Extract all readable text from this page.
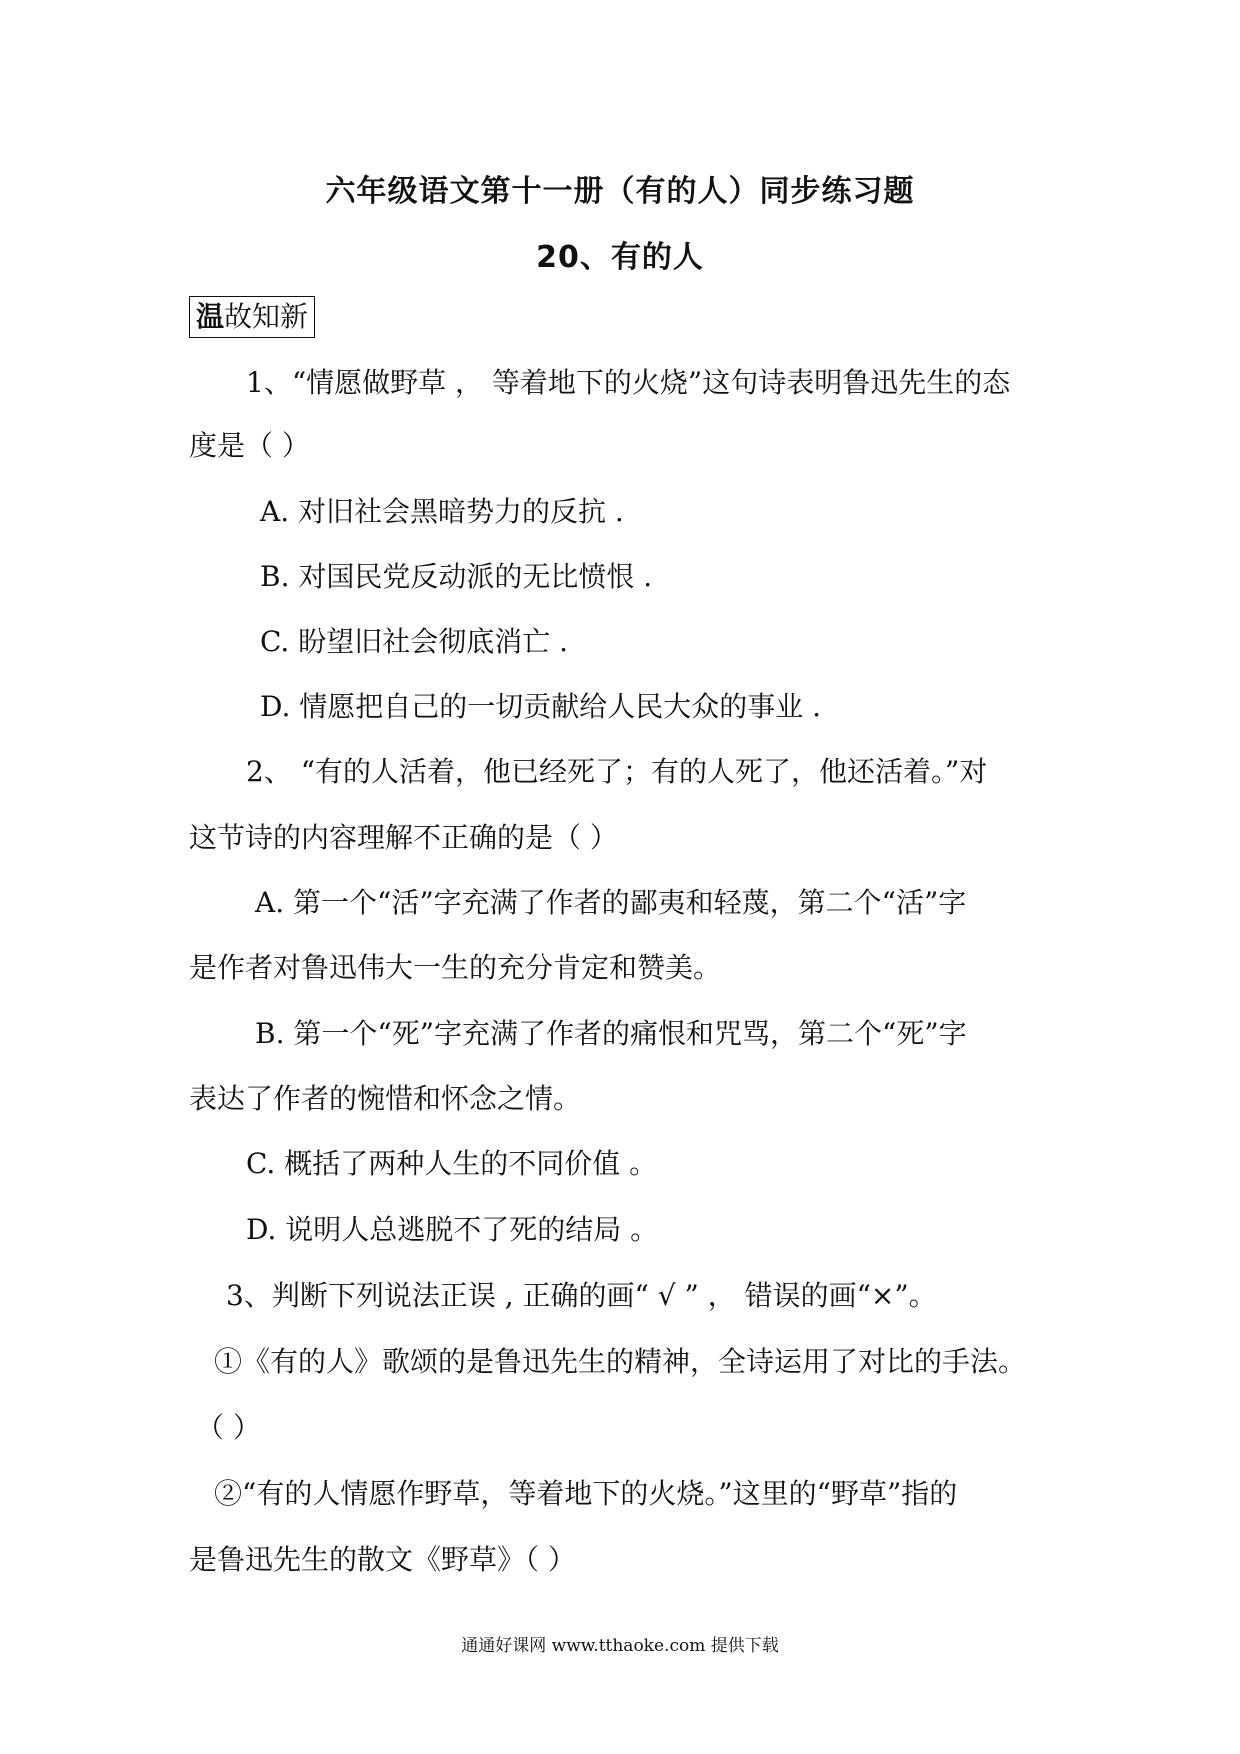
六年级语文第十一册（有的人）同步练习题
20、有的人
温故知新
1、“情愿做野草 ， 等着地下的火烧”这句诗表明鲁迅先生的态
度是（ ）
A. 对旧社会黑暗势力的反抗 .
B. 对国民党反动派的无比愤恨 .
C. 盼望旧社会彻底消亡 .
D. 情愿把自己的一切贡献给人民大众的事业 .
2、 “有的人活着，他已经死了；有的人死了，他还活着。”对
这节诗的内容理解不正确的是（ ）
A. 第一个“活”字充满了作者的鄙夷和轻蔑，第二个“活”字
是作者对鲁迅伟大一生的充分肯定和赞美。
B. 第一个“死”字充满了作者的痛恨和咒骂，第二个“死”字
表达了作者的惋惜和怀念之情。
C. 概括了两种人生的不同价值 。
D. 说明人总逃脱不了死的结局 。
3、判断下列说法正误 , 正确的画“ √ ” ， 错误的画“×”。
①《有的人》歌颂的是鲁迅先生的精神，全诗运用了对比的手法。
（ ）
②“有的人情愿作野草，等着地下的火烧。”这里的“野草”指的
是鲁迅先生的散文《野草》（ ）
通通好课网 www.tthaoke.com 提供下载
